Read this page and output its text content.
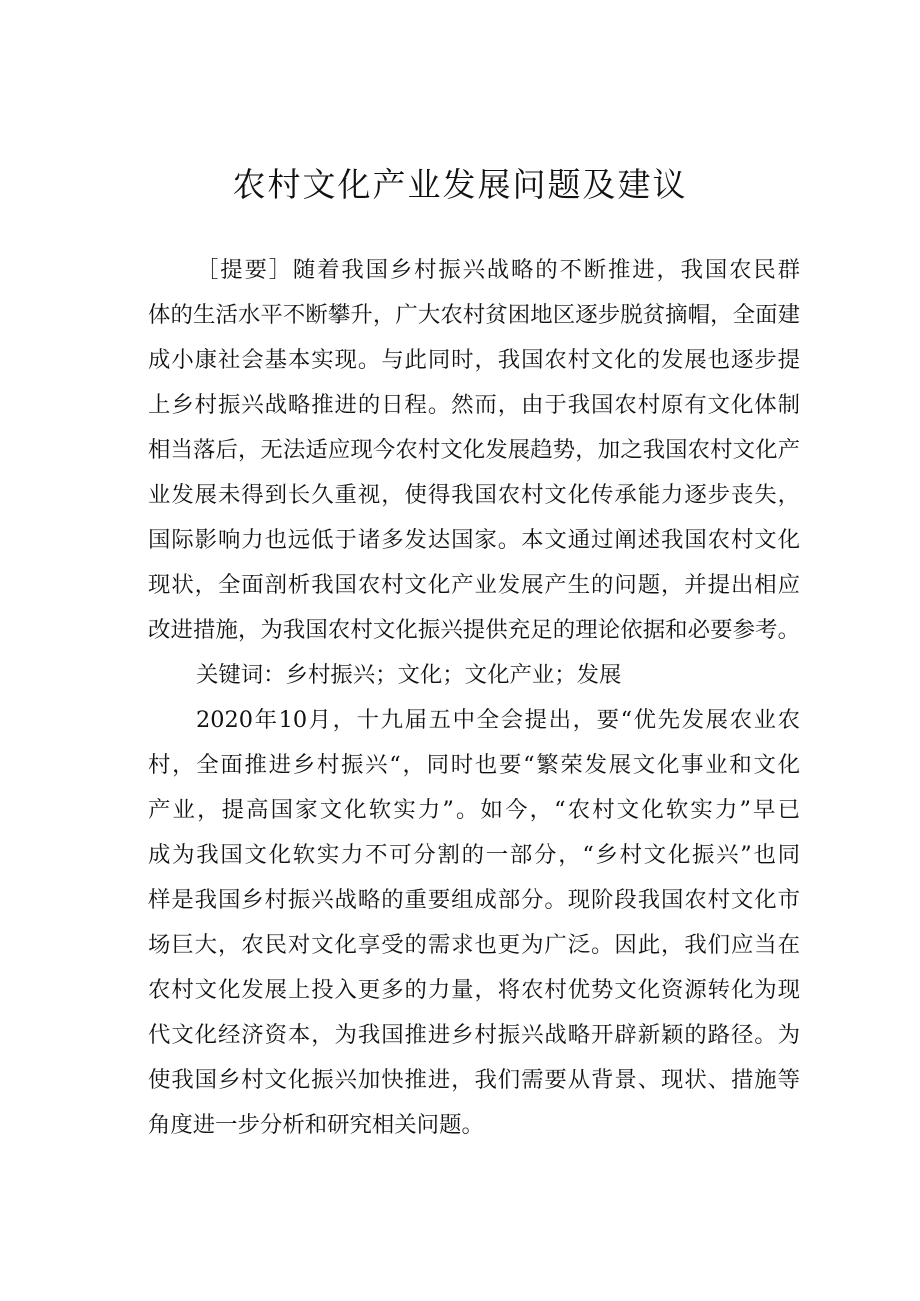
农村文化产业发展问题及建议
［提要］随着我国乡村振兴战略的不断推进，我国农民群
体的生活水平不断攀升，广大农村贫困地区逐步脱贫摘帽，全面建
成小康社会基本实现。与此同时，我国农村文化的发展也逐步提
上乡村振兴战略推进的日程。然而，由于我国农村原有文化体制
相当落后，无法适应现今农村文化发展趋势，加之我国农村文化产
业发展未得到长久重视，使得我国农村文化传承能力逐步丧失，
国际影响力也远低于诸多发达国家。本文通过阐述我国农村文化
现状，全面剖析我国农村文化产业发展产生的问题，并提出相应
改进措施，为我国农村文化振兴提供充足的理论依据和必要参考。
关键词：乡村振兴；文化；文化产业；发展
2020年10月，十九届五中全会提出，要“优先发展农业农
村，全面推进乡村振兴“，同时也要“繁荣发展文化事业和文化
产业，提高国家文化软实力”。如今，“农村文化软实力”早已
成为我国文化软实力不可分割的一部分，“乡村文化振兴”也同
样是我国乡村振兴战略的重要组成部分。现阶段我国农村文化市
场巨大，农民对文化享受的需求也更为广泛。因此，我们应当在
农村文化发展上投入更多的力量，将农村优势文化资源转化为现
代文化经济资本，为我国推进乡村振兴战略开辟新颖的路径。为
使我国乡村文化振兴加快推进，我们需要从背景、现状、措施等
角度进一步分析和研究相关问题。
